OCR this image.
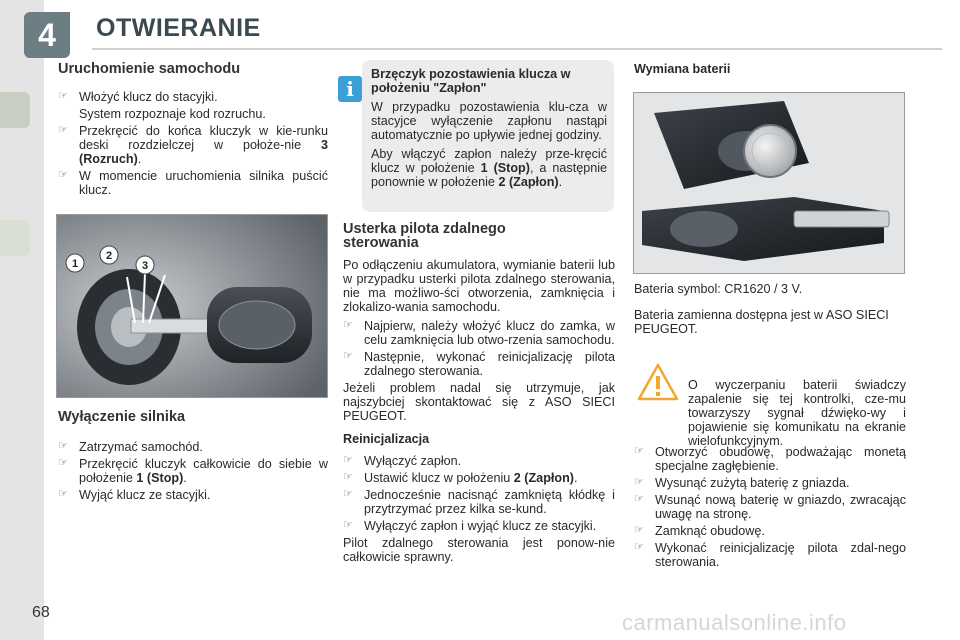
4	OTWIERANIE
Uruchomienie samochodu
☞ Włożyć klucz do stacyjki.
System rozpoznaje kod rozruchu.
☞ Przekręcić do końca kluczyk w kie-runku deski rozdzielczej w położe-nie 3 (Rozruch).
☞ W momencie uruchomienia silnika puścić klucz.
1
2
3
Wyłączenie silnika
☞ Zatrzymać samochód.
☞ Przekręcić kluczyk całkowicie do siebie w położenie 1 (Stop).
☞ Wyjąć klucz ze stacyjki.
i
Brzęczyk pozostawienia klucza w położeniu "Zapłon"

W przypadku pozostawienia klu-cza w stacyjce wyłączenie zapłonu nastąpi automatycznie po upływie jednej godziny.

Aby włączyć zapłon należy prze-kręcić klucz w położenie 1 (Stop), a następnie ponownie w położenie 2 (Zapłon).

Usterka pilota zdalnego sterowania

Po odłączeniu akumulatora, wymianie baterii lub w przypadku usterki pilota zdalnego sterowania, nie ma możliwo-ści otworzenia, zamknięcia i zlokalizo-wania samochodu.

☞ Najpierw, należy włożyć klucz do zamka, w celu zamknięcia lub otwo-rzenia samochodu.
☞ Następnie, wykonać reinicjalizację pilota zdalnego sterowania.

Jeżeli problem nadal się utrzymuje, jak najszybciej skontaktować się z ASO SIECI PEUGEOT.

Reinicjalizacja
☞ Wyłączyć zapłon.
☞ Ustawić klucz w położeniu 2 (Zapłon).
☞ Jednocześnie nacisnąć zamkniętą kłódkę i przytrzymać przez kilka se-kund.
☞ Wyłączyć zapłon i wyjąć klucz ze stacyjki.

Pilot zdalnego sterowania jest ponow-nie całkowicie sprawny.

Wymiana baterii

Bateria symbol: CR1620 / 3 V.

Bateria zamienna dostępna jest w ASO SIECI PEUGEOT.

O wyczerpaniu baterii świadczy zapalenie się tej kontrolki, cze-mu towarzyszy sygnał dźwięko-wy i pojawienie się komunikatu na ekranie wielofunkcyjnym.

☞ Otworzyć obudowę, podważając monetą specjalne zagłębienie.
☞ Wysunąć zużytą baterię z gniazda.
☞ Wsunąć nową baterię w gniazdo, zwracając uwagę na stronę.
☞ Zamknąć obudowę.
☞ Wykonać reinicjalizację pilota zdal-nego sterowania.
68	carmanualsonline.info
